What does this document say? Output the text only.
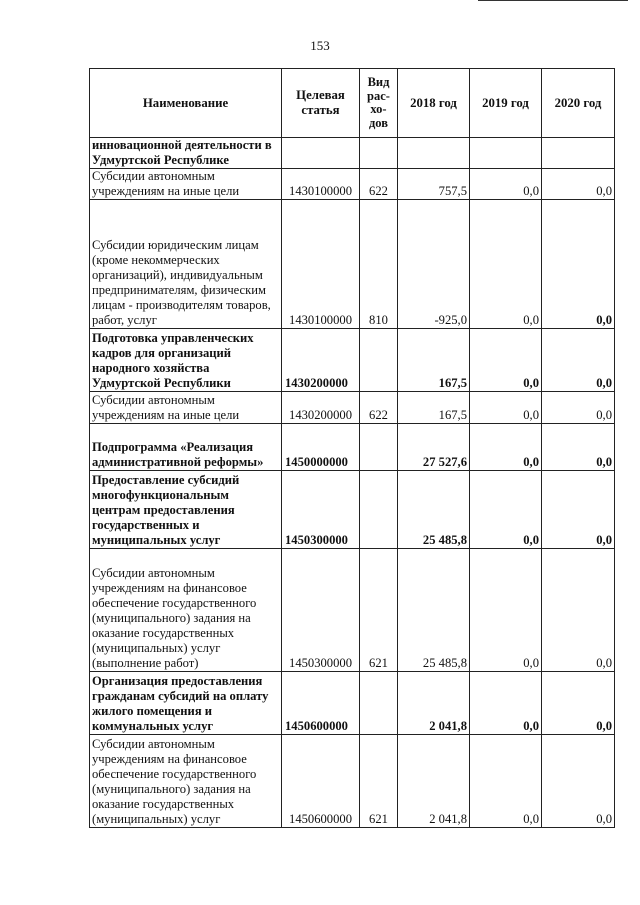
153
Наименование	Целевая статья	Вид рас- хо- дов	2018 год	2019 год	2020 год
инновационной деятельности в Удмуртской Республике					
Субсидии автономным учреждениям на иные цели	1430100000	622	757,5	0,0	0,0
Субсидии юридическим лицам (кроме некоммерческих организаций), индивидуальным предпринимателям, физическим лицам - производителям товаров, работ, услуг	1430100000	810	-925,0	0,0	0,0
Подготовка управленческих кадров для организаций народного хозяйства Удмуртской Республики	1430200000		167,5	0,0	0,0
Субсидии автономным учреждениям на иные цели	1430200000	622	167,5	0,0	0,0
Подпрограмма «Реализация административной реформы»	1450000000		27 527,6	0,0	0,0
Предоставление субсидий многофункциональным центрам предоставления государственных и муниципальных услуг	1450300000		25 485,8	0,0	0,0
Субсидии автономным учреждениям на финансовое обеспечение государственного (муниципального) задания на оказание государственных (муниципальных) услуг (выполнение работ)	1450300000	621	25 485,8	0,0	0,0
Организация предоставления гражданам субсидий на оплату жилого помещения и коммунальных услуг	1450600000		2 041,8	0,0	0,0
Субсидии автономным учреждениям на финансовое обеспечение государственного (муниципального) задания на оказание государственных (муниципальных) услуг	1450600000	621	2 041,8	0,0	0,0
